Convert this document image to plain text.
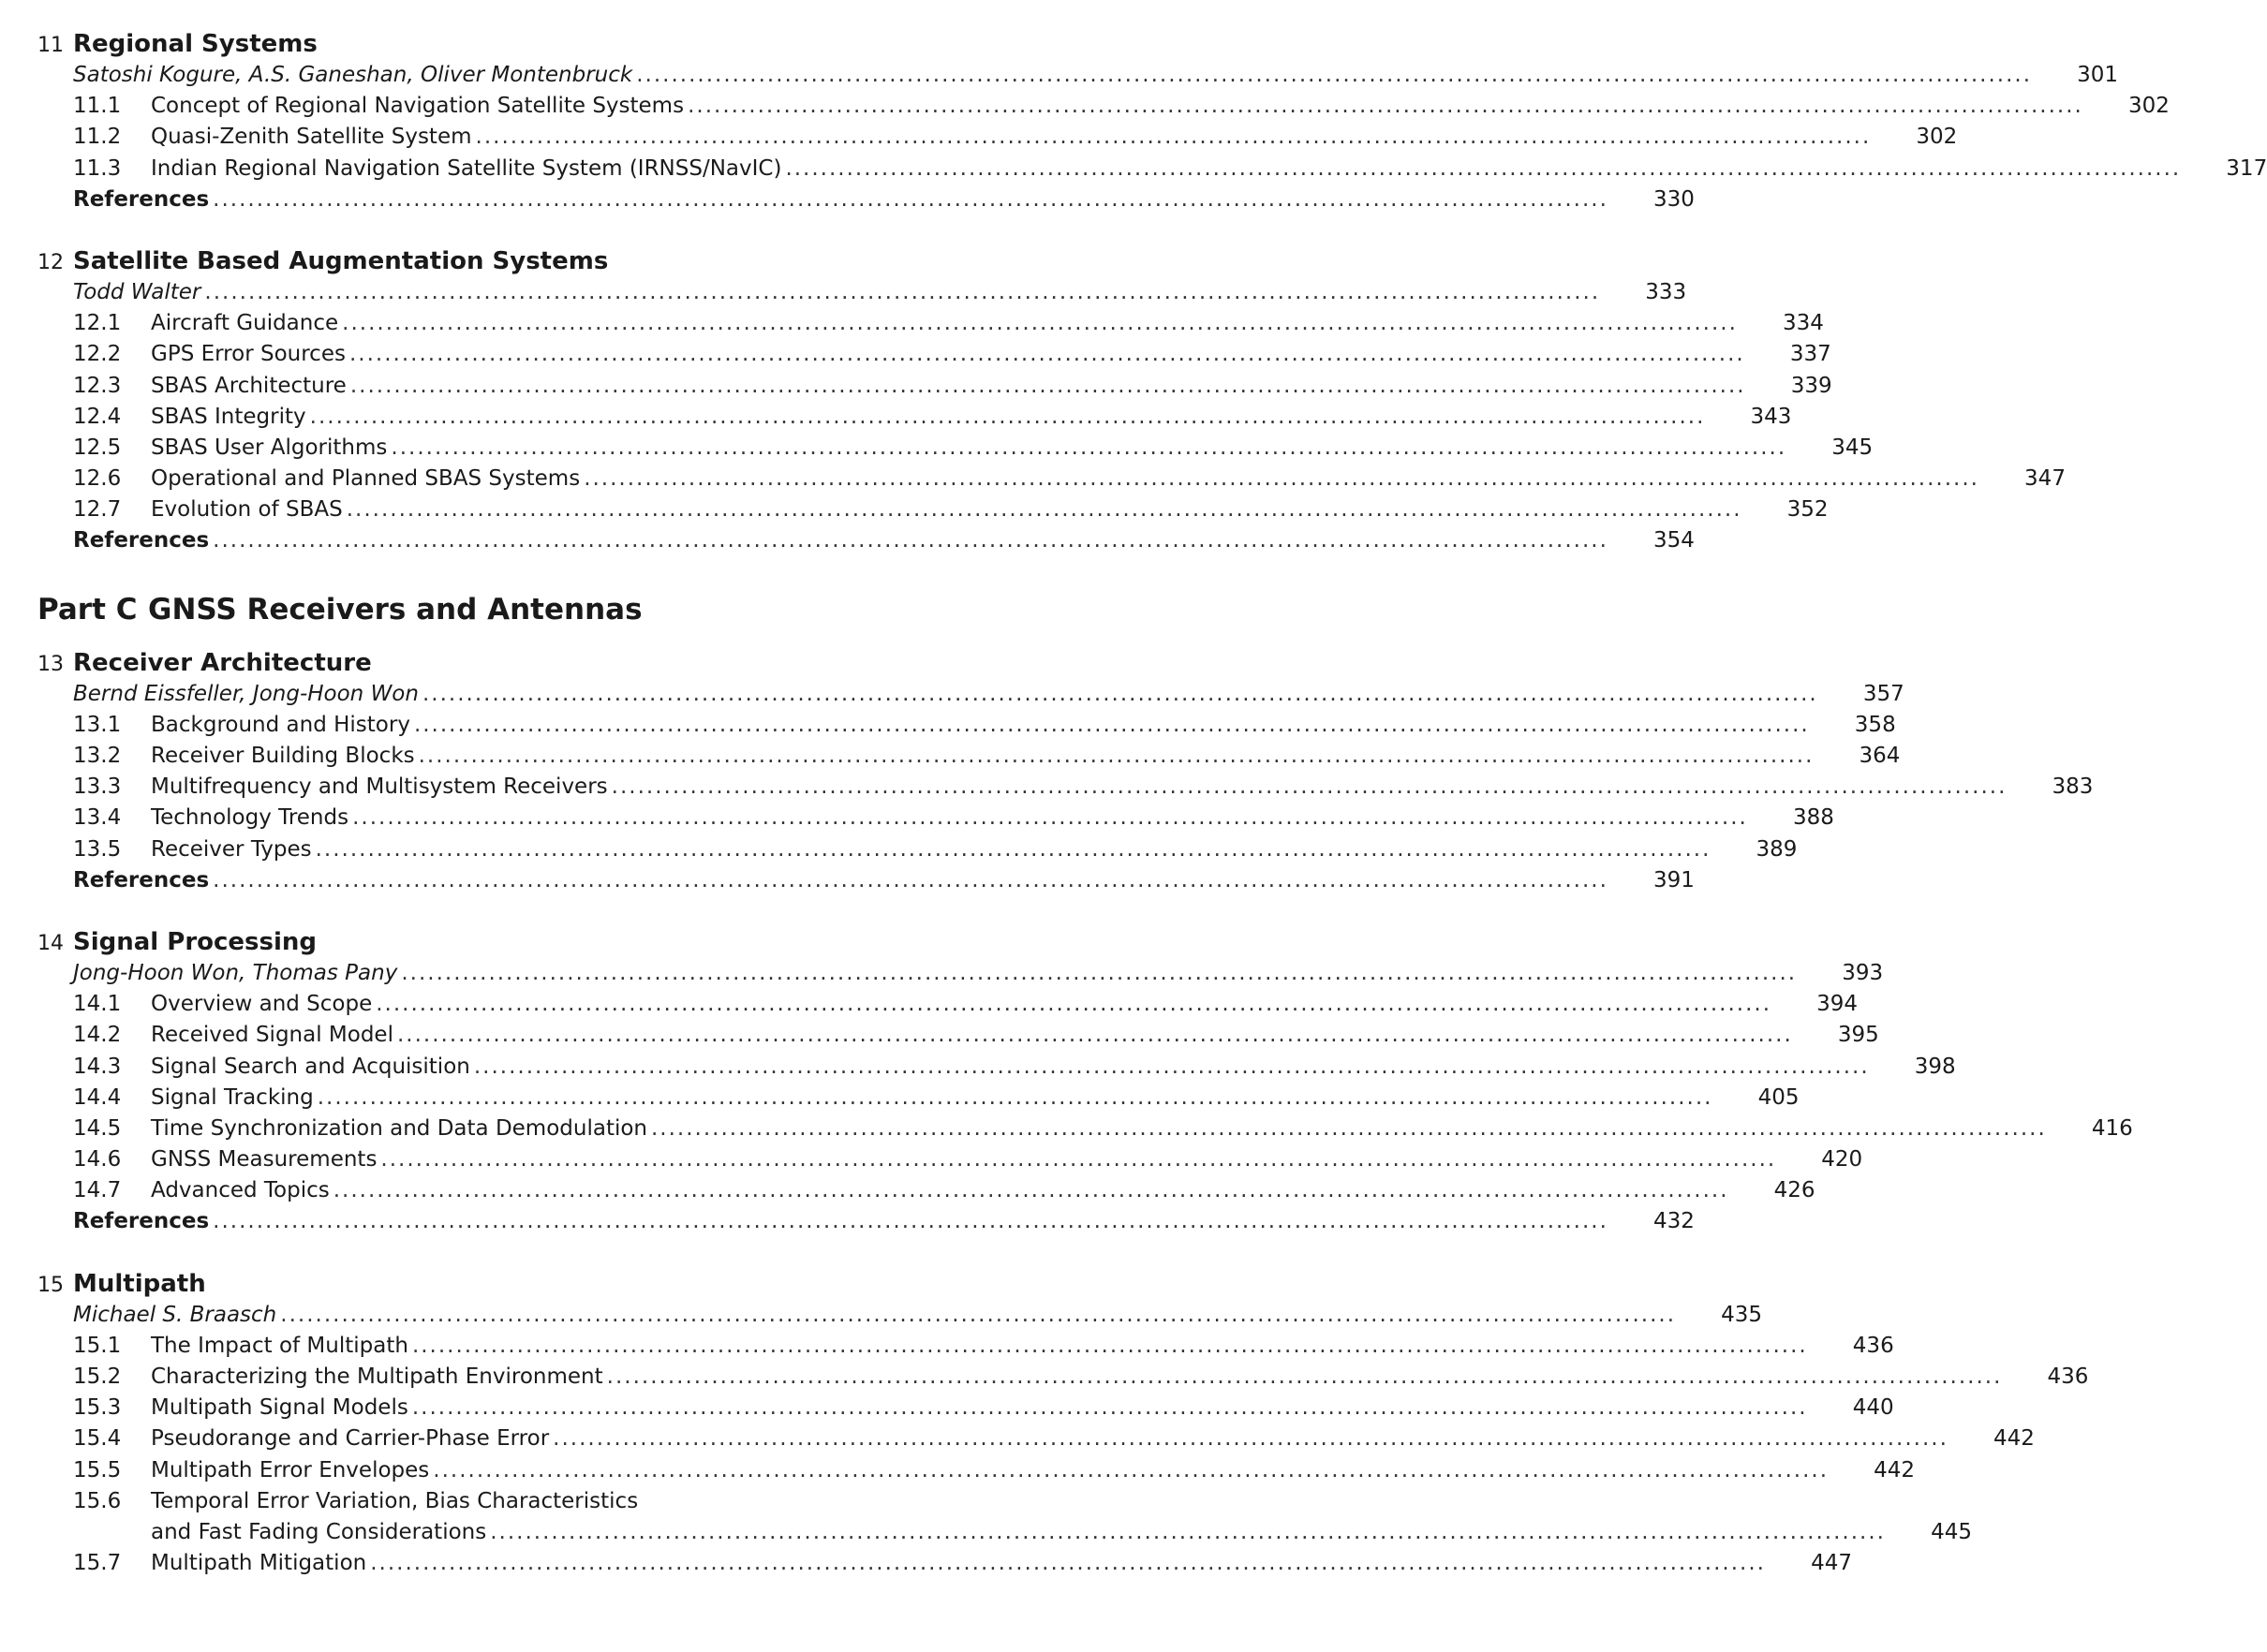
11 Regional Systems
Satoshi Kogure, A.S. Ganeshan, Oliver Montenbruck .....	301
11.1	Concept of Regional Navigation Satellite Systems .....	302
11.2	Quasi-Zenith Satellite System .....	302
11.3	Indian Regional Navigation Satellite System (IRNSS/NavIC) .....	317
References .....	330
12 Satellite Based Augmentation Systems
Todd Walter .....	333
12.1	Aircraft Guidance .....	334
12.2	GPS Error Sources .....	337
12.3	SBAS Architecture .....	339
12.4	SBAS Integrity .....	343
12.5	SBAS User Algorithms .....	345
12.6	Operational and Planned SBAS Systems .....	347
12.7	Evolution of SBAS .....	352
References .....	354
Part C GNSS Receivers and Antennas
13 Receiver Architecture
Bernd Eissfeller, Jong-Hoon Won .....	357
13.1	Background and History .....	358
13.2	Receiver Building Blocks .....	364
13.3	Multifrequency and Multisystem Receivers .....	383
13.4	Technology Trends .....	388
13.5	Receiver Types .....	389
References .....	391
14 Signal Processing
Jong-Hoon Won, Thomas Pany .....	393
14.1	Overview and Scope .....	394
14.2	Received Signal Model .....	395
14.3	Signal Search and Acquisition .....	398
14.4	Signal Tracking .....	405
14.5	Time Synchronization and Data Demodulation .....	416
14.6	GNSS Measurements .....	420
14.7	Advanced Topics .....	426
References .....	432
15 Multipath
Michael S. Braasch .....	435
15.1	The Impact of Multipath .....	436
15.2	Characterizing the Multipath Environment .....	436
15.3	Multipath Signal Models .....	440
15.4	Pseudorange and Carrier-Phase Error .....	442
15.5	Multipath Error Envelopes .....	442
15.6	Temporal Error Variation, Bias Characteristics
and Fast Fading Considerations .....	445
15.7	Multipath Mitigation .....	447
